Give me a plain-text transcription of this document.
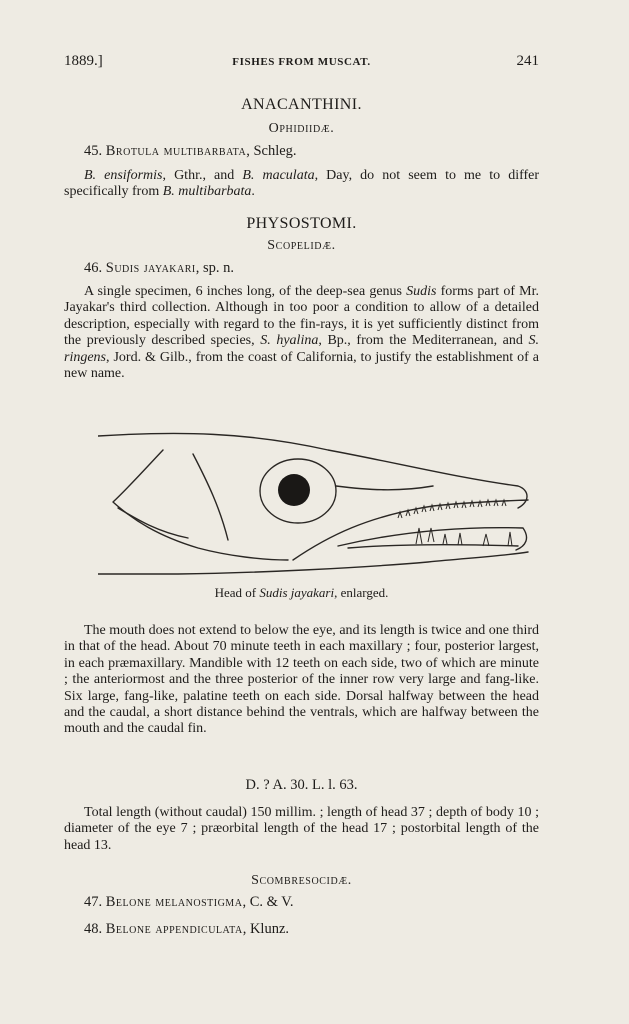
1889.]	FISHES FROM MUSCAT.	241
ANACANTHINI.
Ophidiidæ.
45. Brotula multibarbata, Schleg.
B. ensiformis, Gthr., and B. maculata, Day, do not seem to me to differ specifically from B. multibarbata.
PHYSOSTOMI.
Scopelidæ.
46. Sudis jayakari, sp. n.
A single specimen, 6 inches long, of the deep-sea genus Sudis forms part of Mr. Jayakar's third collection. Although in too poor a condition to allow of a detailed description, especially with regard to the fin-rays, it is yet sufficiently distinct from the previously described species, S. hyalina, Bp., from the Mediterranean, and S. ringens, Jord. & Gilb., from the coast of California, to justify the establishment of a new name.
Head of Sudis jayakari, enlarged.
The mouth does not extend to below the eye, and its length is twice and one third in that of the head. About 70 minute teeth in each maxillary ; four, posterior largest, in each præmaxillary. Mandible with 12 teeth on each side, two of which are minute ; the anteriormost and the three posterior of the inner row very large and fang-like. Six large, fang-like, palatine teeth on each side. Dorsal halfway between the head and the caudal, a short distance behind the ventrals, which are halfway between the mouth and the caudal fin.
D. ? A. 30. L. l. 63.
Total length (without caudal) 150 millim. ; length of head 37 ; depth of body 10 ; diameter of the eye 7 ; præorbital length of the head 17 ; postorbital length of the head 13.
Scombresocidæ.
47. Belone melanostigma, C. & V.
48. Belone appendiculata, Klunz.
